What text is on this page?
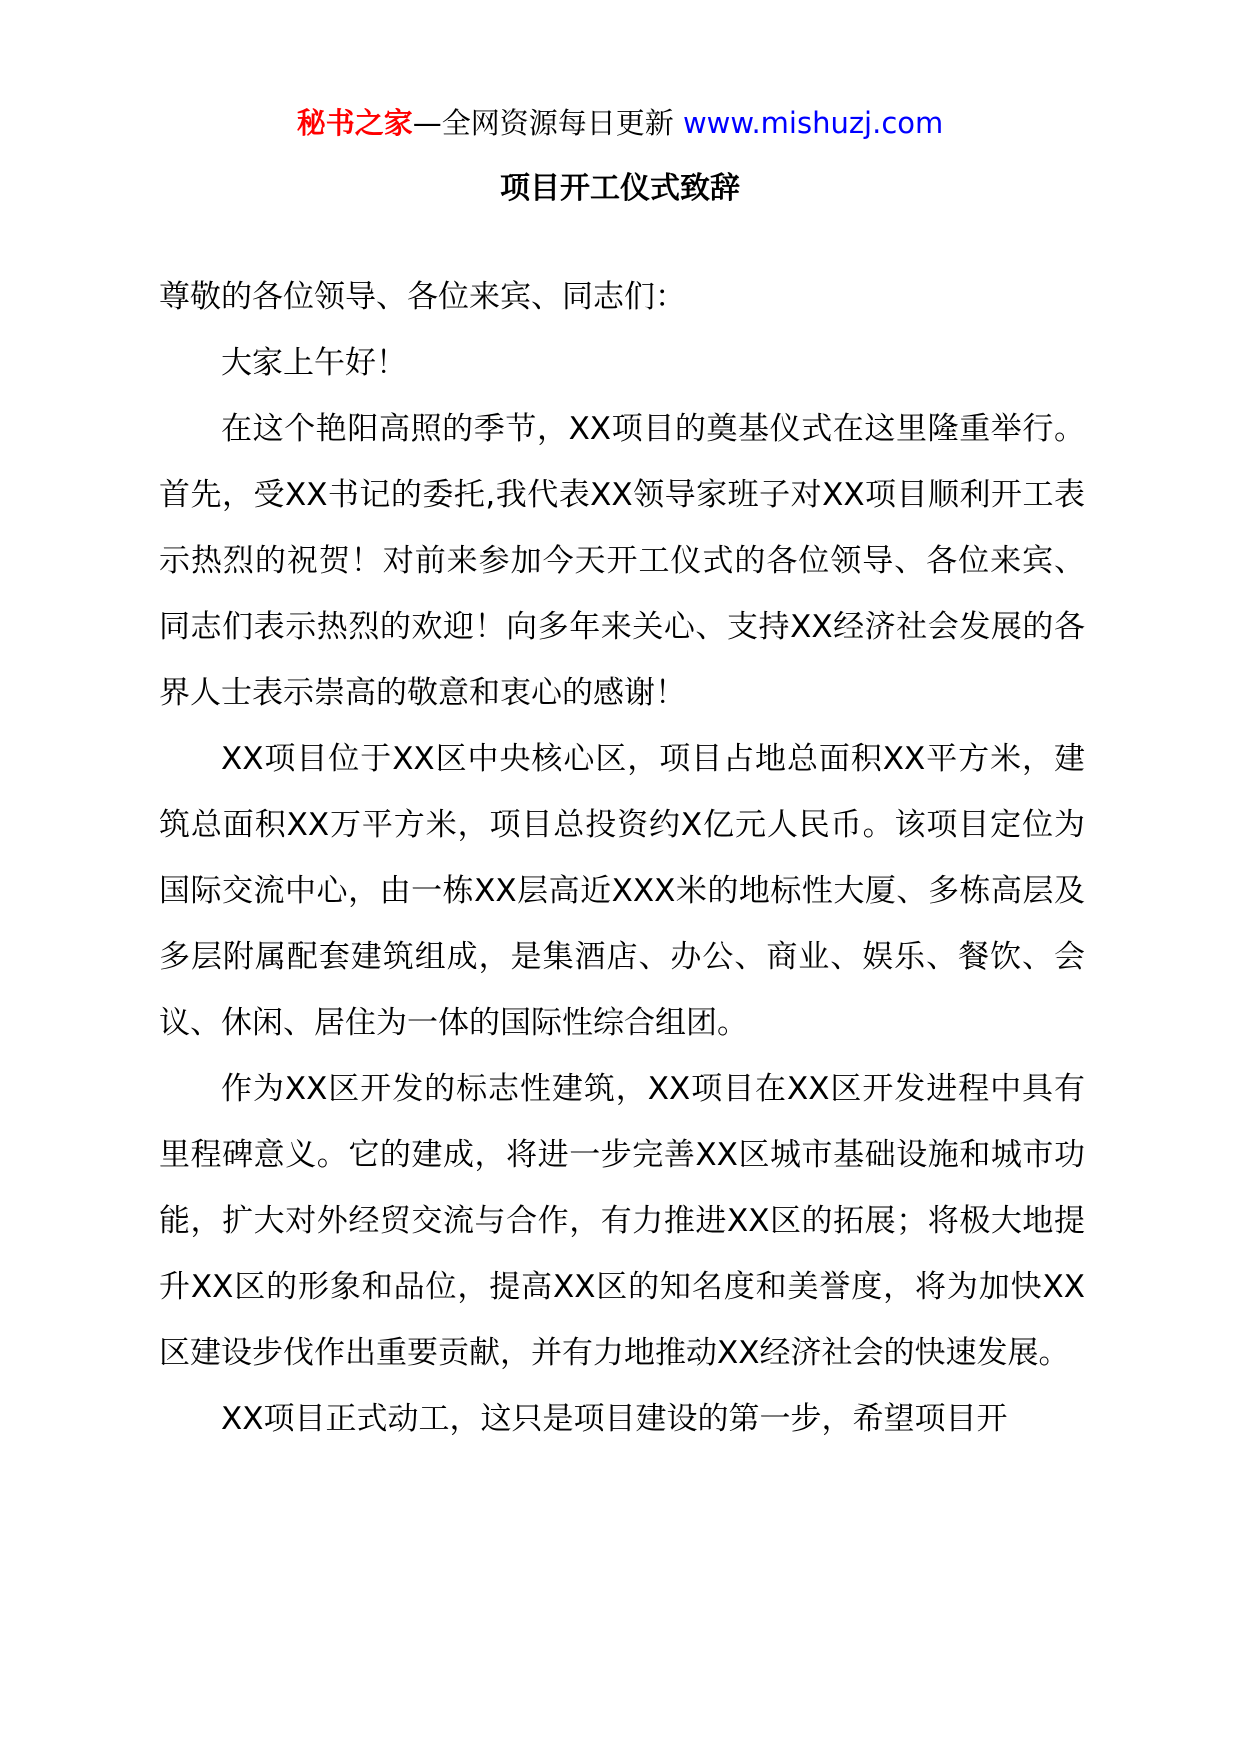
秘书之家—全网资源每日更新 www.mishuzj.com
项目开工仪式致辞

尊敬的各位领导、各位来宾、同志们：

大家上午好！

在这个艳阳高照的季节，XX项目的奠基仪式在这里隆重举行。首先，受XX书记的委托,我代表XX领导家班子对XX项目顺利开工表示热烈的祝贺！对前来参加今天开工仪式的各位领导、各位来宾、同志们表示热烈的欢迎！向多年来关心、支持XX经济社会发展的各界人士表示崇高的敬意和衷心的感谢！

XX项目位于XX区中央核心区，项目占地总面积XX平方米，建筑总面积XX万平方米，项目总投资约X亿元人民币。该项目定位为国际交流中心，由一栋XX层高近XXX米的地标性大厦、多栋高层及多层附属配套建筑组成，是集酒店、办公、商业、娱乐、餐饮、会议、休闲、居住为一体的国际性综合组团。

作为XX区开发的标志性建筑，XX项目在XX区开发进程中具有里程碑意义。它的建成，将进一步完善XX区城市基础设施和城市功能，扩大对外经贸交流与合作，有力推进XX区的拓展；将极大地提升XX区的形象和品位，提高XX区的知名度和美誉度，将为加快XX区建设步伐作出重要贡献，并有力地推动XX经济社会的快速发展。

XX项目正式动工，这只是项目建设的第一步，希望项目开
